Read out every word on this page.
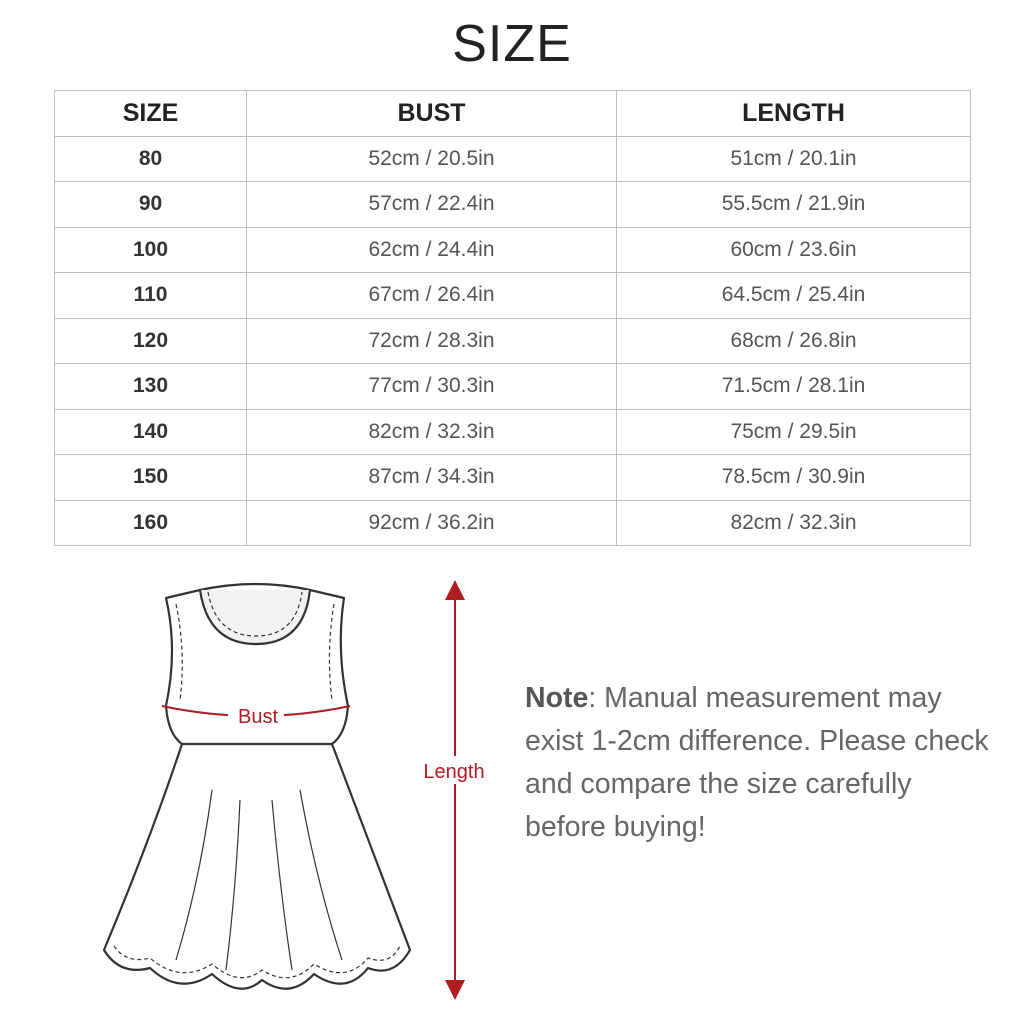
SIZE
SIZE	BUST	LENGTH
80	52cm / 20.5in	51cm / 20.1in
90	57cm / 22.4in	55.5cm / 21.9in
100	62cm / 24.4in	60cm / 23.6in
110	67cm / 26.4in	64.5cm / 25.4in
120	72cm / 28.3in	68cm / 26.8in
130	77cm / 30.3in	71.5cm / 28.1in
140	82cm / 32.3in	75cm / 29.5in
150	87cm / 34.3in	78.5cm / 30.9in
160	92cm / 36.2in	82cm / 32.3in
Bust
Length
Note: Manual measurement may exist 1-2cm difference. Please check and compare the size carefully before buying!
